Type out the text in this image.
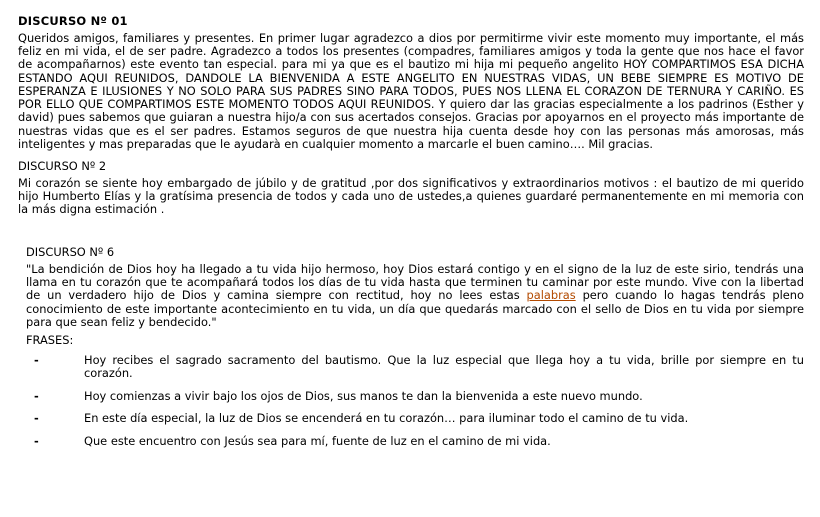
DISCURSO Nº 01

Queridos amigos, familiares y presentes. En primer lugar agradezco a dios por permitirme vivir este momento muy importante, el más feliz en mi vida, el de ser padre. Agradezco a todos los presentes (compadres, familiares amigos y toda la gente que nos hace el favor de acompañarnos) este evento tan especial. para mi ya que es el bautizo mi hija mi pequeño angelito HOY COMPARTIMOS ESA DICHA ESTANDO AQUI REUNIDOS, DANDOLE LA BIENVENIDA A ESTE ANGELITO EN NUESTRAS VIDAS, UN BEBE SIEMPRE ES MOTIVO DE ESPERANZA E ILUSIONES Y NO SOLO PARA SUS PADRES SINO PARA TODOS, PUES NOS LLENA EL CORAZON DE TERNURA Y CARIÑO. ES POR ELLO QUE COMPARTIMOS ESTE MOMENTO TODOS AQUI REUNIDOS. Y quiero dar las gracias especialmente a los padrinos (Esther y david) pues sabemos que guiaran a nuestra hijo/a con sus acertados consejos. Gracias por apoyarnos en el proyecto más importante de nuestras vidas que es el ser padres. Estamos seguros de que nuestra hija cuenta desde hoy con las personas más amorosas, más inteligentes y mas preparadas que le ayudarà en cualquier momento a marcarle el buen camino…. Mil gracias.

DISCURSO Nº 2

Mi corazón se siente hoy embargado de júbilo y de gratitud ,por dos significativos y extraordinarios motivos : el bautizo de mi querido hijo Humberto Elías y la gratísima presencia de todos y cada uno de ustedes,a quienes guardaré permanentemente en mi memoria con la más digna estimación .

DISCURSO Nº 6

"La bendición de Dios hoy ha llegado a tu vida hijo hermoso, hoy Dios estará contigo y en el signo de la luz de este sirio, tendrás una llama en tu corazón que te acompañará todos los días de tu vida hasta que terminen tu caminar por este mundo. Vive con la libertad de un verdadero hijo de Dios y camina siempre con rectitud, hoy no lees estas palabras pero cuando lo hagas tendrás pleno conocimiento de este importante acontecimiento en tu vida, un día que quedarás marcado con el sello de Dios en tu vida por siempre para que sean feliz y bendecido."

FRASES:

-	Hoy recibes el sagrado sacramento del bautismo. Que la luz especial que llega hoy a tu vida, brille por siempre en tu corazón.
-	Hoy comienzas a vivir bajo los ojos de Dios, sus manos te dan la bienvenida a este nuevo mundo.
-	En este día especial, la luz de Dios se encenderá en tu corazón… para iluminar todo el camino de tu vida.
-	Que este encuentro con Jesús sea para mí, fuente de luz en el camino de mi vida.
